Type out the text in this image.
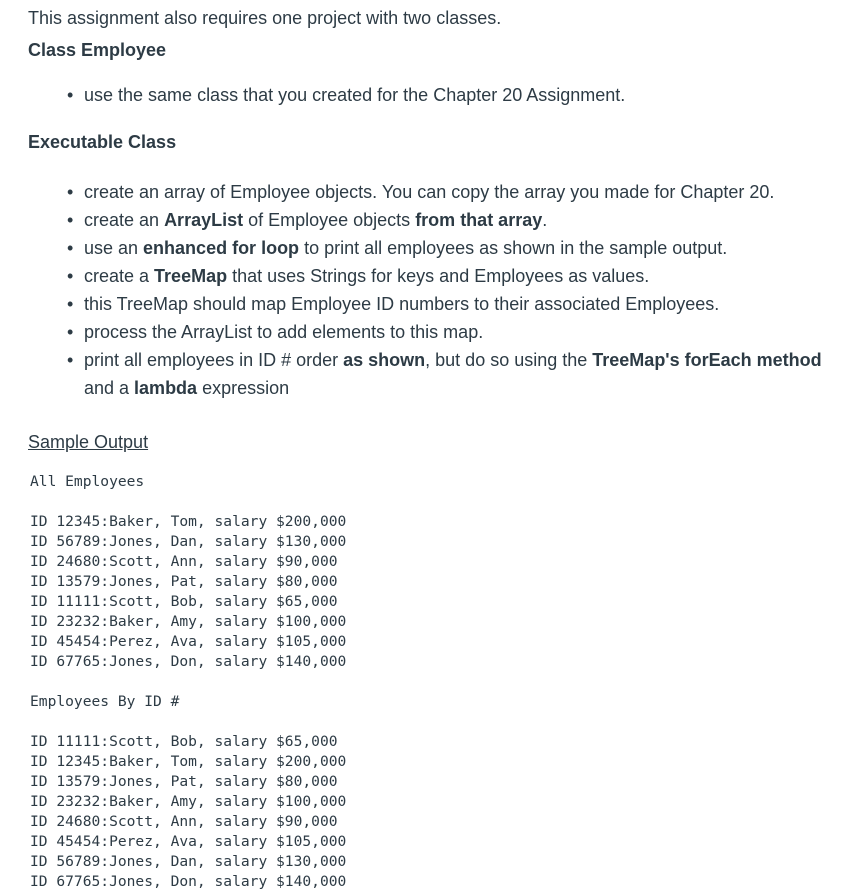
This assignment also requires one project with two classes.

Class Employee
• use the same class that you created for the Chapter 20 Assignment.
Executable Class
• create an array of Employee objects. You can copy the array you made for Chapter 20.
• create an ArrayList of Employee objects from that array.
• use an enhanced for loop to print all employees as shown in the sample output.
• create a TreeMap that uses Strings for keys and Employees as values.
• this TreeMap should map Employee ID numbers to their associated Employees.
• process the ArrayList to add elements to this map.
• print all employees in ID # order as shown, but do so using the TreeMap's forEach method and a lambda expression
Sample Output
All Employees
ID 12345:Baker, Tom, salary $200,000
ID 56789:Jones, Dan, salary $130,000
ID 24680:Scott, Ann, salary $90,000
ID 13579:Jones, Pat, salary $80,000
ID 11111:Scott, Bob, salary $65,000
ID 23232:Baker, Amy, salary $100,000
ID 45454:Perez, Ava, salary $105,000
ID 67765:Jones, Don, salary $140,000
Employees By ID #
ID 11111:Scott, Bob, salary $65,000
ID 12345:Baker, Tom, salary $200,000
ID 13579:Jones, Pat, salary $80,000
ID 23232:Baker, Amy, salary $100,000
ID 24680:Scott, Ann, salary $90,000
ID 45454:Perez, Ava, salary $105,000
ID 56789:Jones, Dan, salary $130,000
ID 67765:Jones, Don, salary $140,000
